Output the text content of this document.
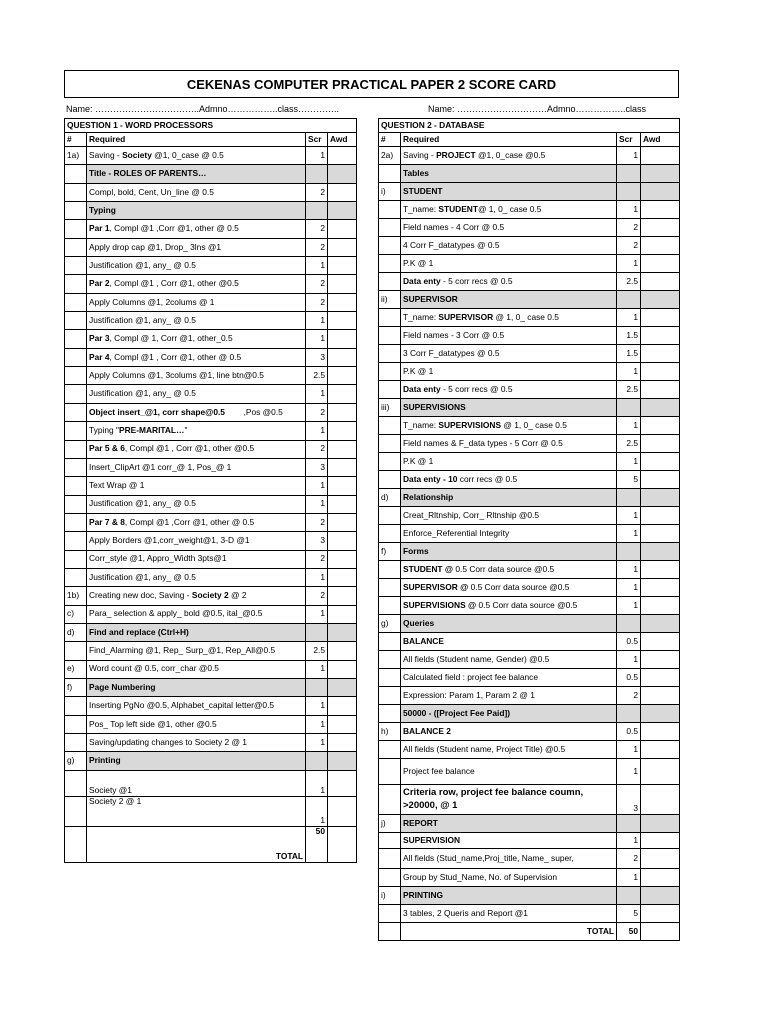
CEKENAS COMPUTER PRACTICAL PAPER 2 SCORE CARD
Name: ……………………………..Admno……………..class…………..	Name: …………………………Admno……………..class
QUESTION 1 - WORD PROCESSORS			
#	Required	Scr	Awd
1a)	Saving - Society @1, 0_case @ 0.5	1	
	Title - ROLES OF PARENTS…		
	Compl, bold, Cent, Un_line @ 0.5	2	
	Typing		
	Par 1, Compl @1 ,Corr @1, other @ 0.5	2	
	Apply drop cap @1, Drop_ 3lns @1	2	
	Justification @1, any_ @ 0.5	1	
	Par 2, Compl @1 , Corr @1, other @0.5	2	
	Apply Columns @1, 2colums @ 1	2	
	Justification @1, any_ @ 0.5	1	
	Par 3, Compl @ 1, Corr @1, other_0.5	1	
	Par 4, Compl @1 , Corr @1, other @ 0.5	3	
	Apply Columns @1, 3colums @1, line btn@0.5	2.5	
	Justification @1, any_ @ 0.5	1	
	Object insert_@1, corr shape@0.5        ,Pos @0.5	2	
	Typing "PRE-MARITAL…"	1	
	Par 5 & 6, Compl @1 , Corr @1, other @0.5	2	
	Insert_ClipArt @1 corr_@ 1, Pos_@ 1	3	
	Text Wrap @ 1	1	
	Justification @1, any_ @ 0.5	1	
	Par 7 & 8, Compl @1 ,Corr @1, other @ 0.5	2	
	Apply Borders @1,corr_weight@1, 3-D @1	3	
	Corr_style @1, Appro_Width 3pts@1	2	
	Justification @1, any_ @ 0.5	1	
1b)	Creating new doc, Saving - Society 2 @ 2	2	
c)	Para_ selection & apply_ bold @0.5, ital_@0.5	1	
d)	Find and replace (Ctrl+H)		
	Find_Alarming @1, Rep_ Surp_@1, Rep_All@0.5	2.5	
e)	Word count @ 0.5, corr_char @0.5	1	
f)	Page Numbering		
	Inserting PgNo @0.5, Alphabet_capital letter@0.5	1	
	Pos_ Top left side @1, other @0.5	1	
	Saving/updating changes to Society 2 @ 1	1	
g)	Printing		
	Society @1	1	
	Society 2 @ 1	1	
	TOTAL	50	
QUESTION 2 - DATABASE			
#	Required	Scr	Awd
2a)	Saving - PROJECT @1, 0_case @0.5	1	
	Tables		
i)	STUDENT		
	T_name: STUDENT@ 1, 0_ case 0.5	1	
	Field names - 4 Corr @ 0.5	2	
	4 Corr F_datatypes @ 0.5	2	
	P.K @ 1	1	
	Data enty - 5 corr recs @ 0.5	2.5	
ii)	SUPERVISOR		
	T_name: SUPERVISOR @ 1, 0_ case 0.5	1	
	Field names - 3 Corr @ 0.5	1.5	
	3 Corr F_datatypes @ 0.5	1.5	
	P.K @ 1	1	
	Data enty - 5 corr recs @ 0.5	2.5	
iii)	SUPERVISIONS		
	T_name: SUPERVISIONS @ 1, 0_ case 0.5	1	
	Field names & F_data types - 5 Corr @ 0.5	2.5	
	P.K @ 1	1	
	Data enty - 10 corr recs @ 0.5	5	
d)	Relationship		
	Creat_Rltnship, Corr_ Rltnship @0.5	1	
	Enforce_Referential Integrity	1	
f)	Forms		
	STUDENT @ 0.5 Corr data source @0.5	1	
	SUPERVISOR @ 0.5 Corr data source @0.5	1	
	SUPERVISIONS @ 0.5 Corr data source @0.5	1	
g)	Queries		
	BALANCE	0.5	
	All fields (Student name, Gender) @0.5	1	
	Calculated field : project fee balance	0.5	
	Expression: Param 1, Param 2 @ 1	2	
	50000 - ([Project Fee Paid])		
h)	BALANCE 2	0.5	
	All fields (Student name, Project Title) @0.5	1	
	Project fee balance	1	

	Criteria row, project fee balance coumn,
>20000, @ 1	3	
j)	REPORT		
	SUPERVISION	1	
	All fields (Stud_name,Proj_title, Name_ super,	2	
	Group by Stud_Name, No. of Supervision	1	
i)	PRINTING		
	3 tables, 2 Queris and Report @1	5	
	TOTAL	50	
